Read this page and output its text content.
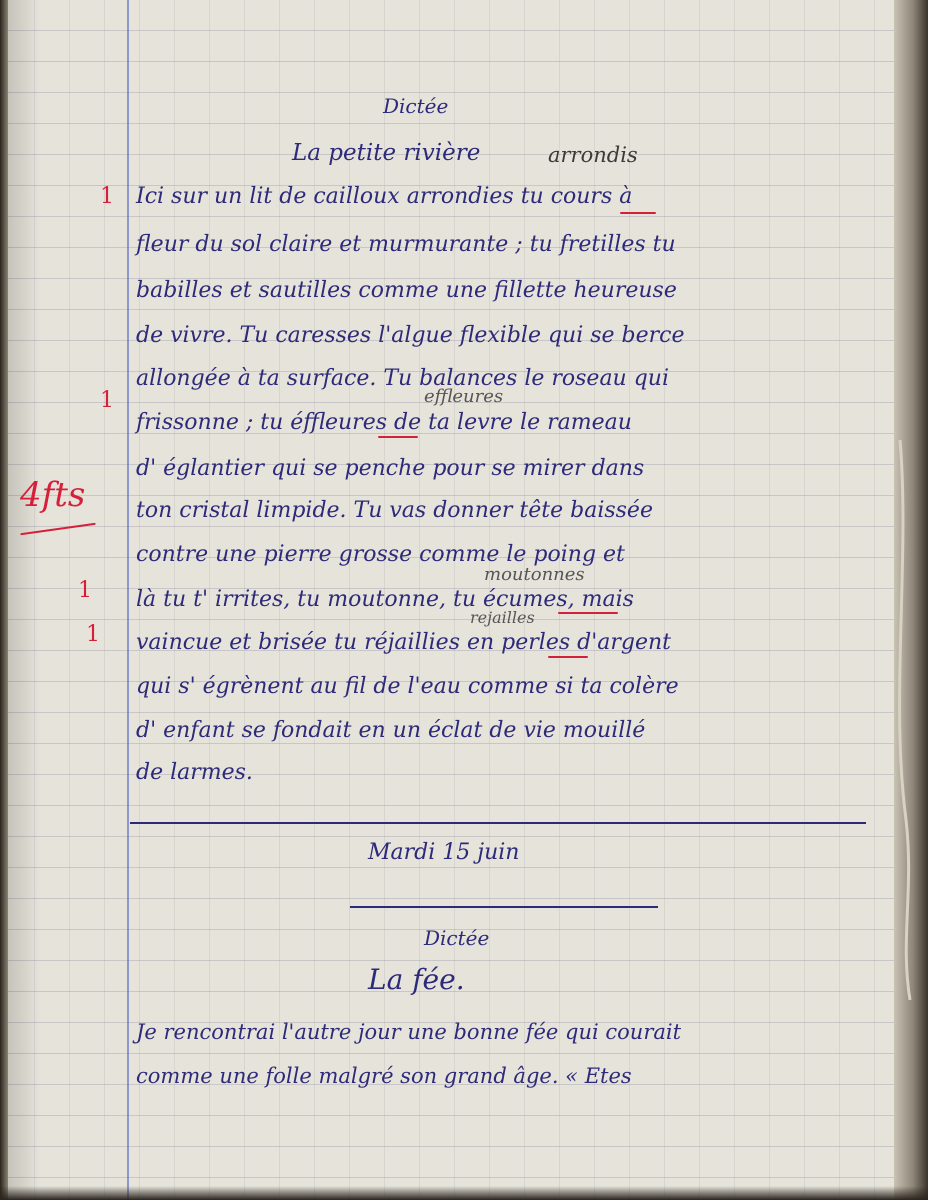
Dictée
La petite rivière	arrondis
Ici sur un lit de cailloux arrondies tu cours à
fleur du sol claire et murmurante ; tu fretilles tu
babilles et sautilles comme une fillette heureuse
de vivre. Tu caresses l'algue flexible qui se berce
allongée à ta surface. Tu balances le roseau qui
frissonne ; tu éffleures de ta levre le rameau
d' églantier qui se penche pour se mirer dans
ton cristal limpide. Tu vas donner tête baissée
contre une pierre grosse comme le poing et
là tu t' irrites, tu moutonne, tu écumes, mais
vaincue et brisée tu réjaillies en perles d'argent
qui s' égrènent au fil de l'eau comme si ta colère
d' enfant se fondait en un éclat de vie mouillé
de larmes.
effleures
moutonnes
rejailles
1
1
1
1
4fts
Mardi 15 juin
Dictée
La fée.
Je rencontrai l'autre jour une bonne fée qui courait
comme une folle malgré son grand âge. « Etes
